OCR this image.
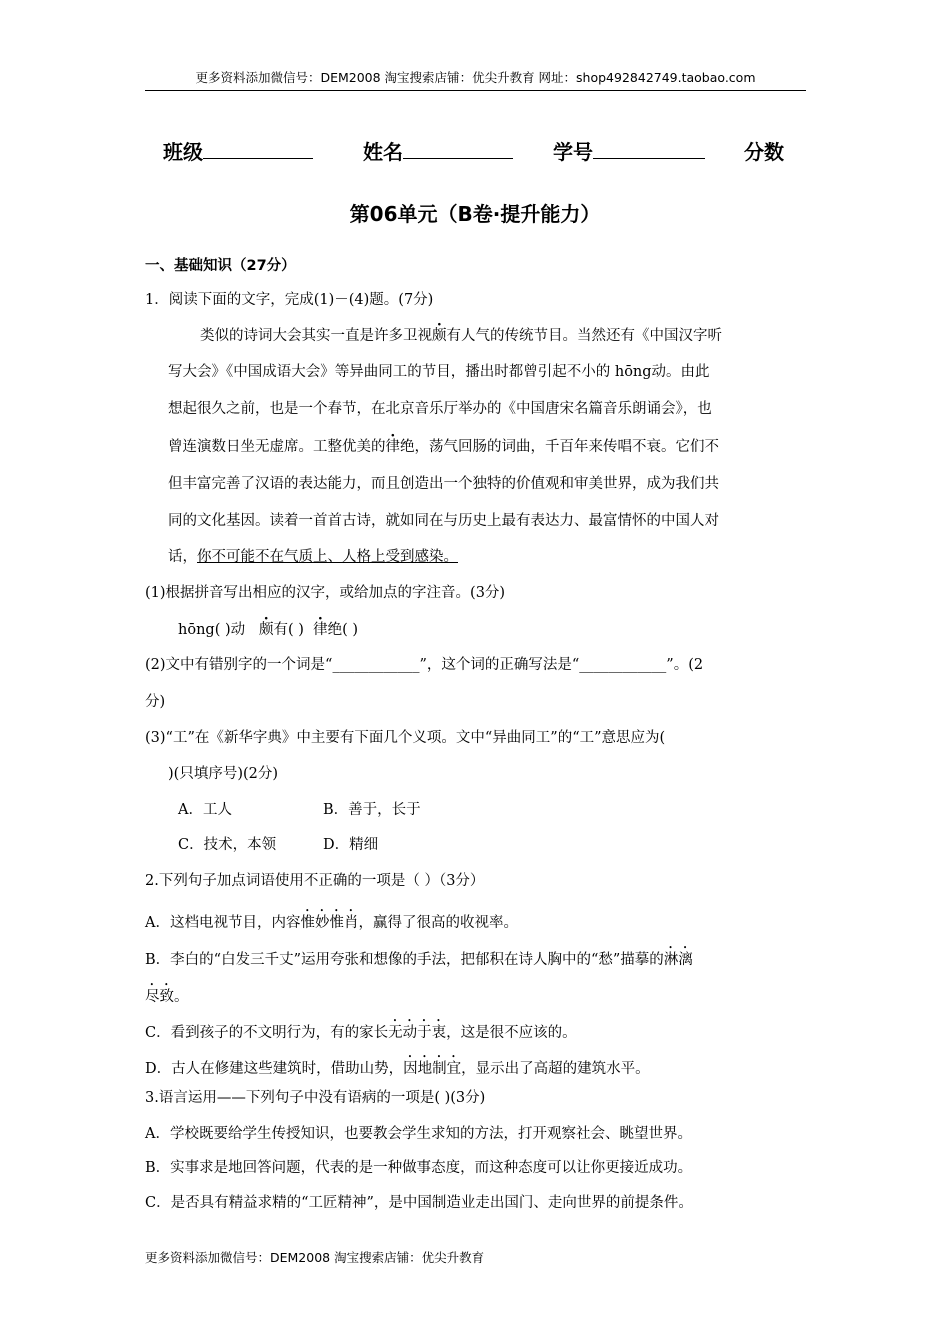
更多资料添加微信号：DEM2008 淘宝搜索店铺：优尖升教育 网址：shop492842749.taobao.com
班级	姓名	学号	分数
第06单元（B卷·提升能力）
一、基础知识（27分）
1．阅读下面的文字，完成(1)－(4)题。(7分)
类似的诗词大会其实一直是许多卫视颇有人气的传统节目。当然还有《中国汉字听
写大会》《中国成语大会》等异曲同工的节目，播出时都曾引起不小的 hōng动。由此
想起很久之前，也是一个春节，在北京音乐厅举办的《中国唐宋名篇音乐朗诵会》，也
曾连演数日坐无虚席。工整优美的律绝，荡气回肠的词曲，千百年来传唱不衰。它们不
但丰富完善了汉语的表达能力，而且创造出一个独特的价值观和审美世界，成为我们共
同的文化基因。读着一首首古诗，就如同在与历史上最有表达力、最富情怀的中国人对
话，你不可能不在气质上、人格上受到感染。
(1)根据拼音写出相应的汉字，或给加点的字注音。(3分)
hōng( )动 颇有( ) 律绝( )
(2)文中有错别字的一个词是“____________”，这个词的正确写法是“____________”。(2
分)
(3)“工”在《新华字典》中主要有下面几个义项。文中“异曲同工”的“工”意思应为(
)(只填序号)(2分)
A．工人	B．善于，长于
C．技术，本领	D．精细
2.下列句子加点词语使用不正确的一项是（ ）（3分）
A．这档电视节目，内容惟妙惟肖，赢得了很高的收视率。
B．李白的“白发三千丈”运用夸张和想像的手法，把郁积在诗人胸中的“愁”描摹的淋漓
尽致。
C．看到孩子的不文明行为，有的家长无动于衷，这是很不应该的。
D．古人在修建这些建筑时，借助山势，因地制宜，显示出了高超的建筑水平。
3.语言运用——下列句子中没有语病的一项是( )(3分)
A．学校既要给学生传授知识，也要教会学生求知的方法，打开观察社会、眺望世界。
B．实事求是地回答问题，代表的是一种做事态度，而这种态度可以让你更接近成功。
C．是否具有精益求精的“工匠精神”，是中国制造业走出国门、走向世界的前提条件。
更多资料添加微信号：DEM2008 淘宝搜索店铺：优尖升教育
